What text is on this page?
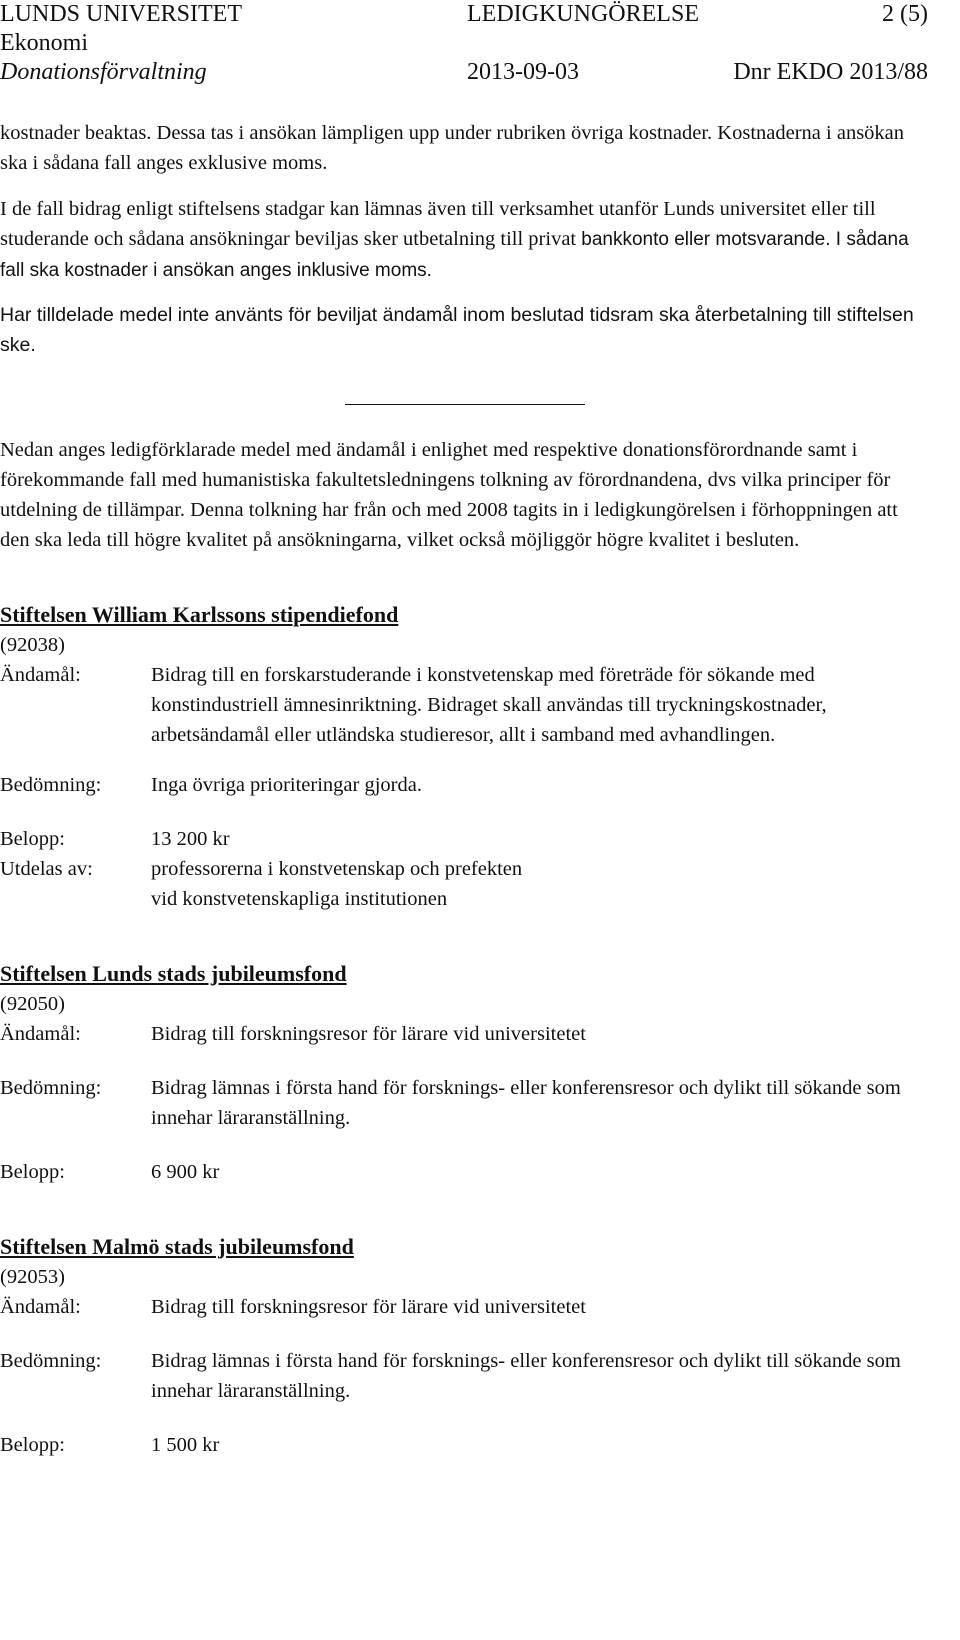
LUNDS UNIVERSITET	LEDIGKUNGÖRELSE	2 (5)
Ekonomi
Donationsförvaltning	2013-09-03	Dnr EKDO 2013/88

kostnader beaktas. Dessa tas i ansökan lämpligen upp under rubriken övriga kostnader. Kostnaderna i ansökan ska i sådana fall anges exklusive moms.

I de fall bidrag enligt stiftelsens stadgar kan lämnas även till verksamhet utanför Lunds universitet eller till studerande och sådana ansökningar beviljas sker utbetalning till privat bankkonto eller motsvarande. I sådana fall ska kostnader i ansökan anges inklusive moms.

Har tilldelade medel inte använts för beviljat ändamål inom beslutad tidsram ska återbetalning till stiftelsen ske.

Nedan anges ledigförklarade medel med ändamål i enlighet med respektive donationsförordnande samt i förekommande fall med humanistiska fakultetsledningens tolkning av förordnandena, dvs vilka principer för utdelning de tillämpar. Denna tolkning har från och med 2008 tagits in i ledigkungörelsen i förhoppningen att den ska leda till högre kvalitet på ansökningarna, vilket också möjliggör högre kvalitet i besluten.

Stiftelsen William Karlssons stipendiefond
(92038)
Ändamål:	Bidrag till en forskarstuderande i konstvetenskap med företräde för sökande med konstindustriell ämnesinriktning. Bidraget skall användas till tryckningskostnader, arbetsändamål eller utländska studieresor, allt i samband med avhandlingen.
Bedömning:	Inga övriga prioriteringar gjorda.
Belopp:	13 200 kr
Utdelas av:	professorerna i konstvetenskap och prefekten
vid konstvetenskapliga institutionen
Stiftelsen Lunds stads jubileumsfond
(92050)
Ändamål:	Bidrag till forskningsresor för lärare vid universitetet
Bedömning:	Bidrag lämnas i första hand för forsknings- eller konferensresor och dylikt till sökande som innehar läraranställning.
Belopp:	6 900 kr
Stiftelsen Malmö stads jubileumsfond
(92053)
Ändamål:	Bidrag till forskningsresor för lärare vid universitetet
Bedömning:	Bidrag lämnas i första hand för forsknings- eller konferensresor och dylikt till sökande som innehar läraranställning.
Belopp:	1 500 kr
